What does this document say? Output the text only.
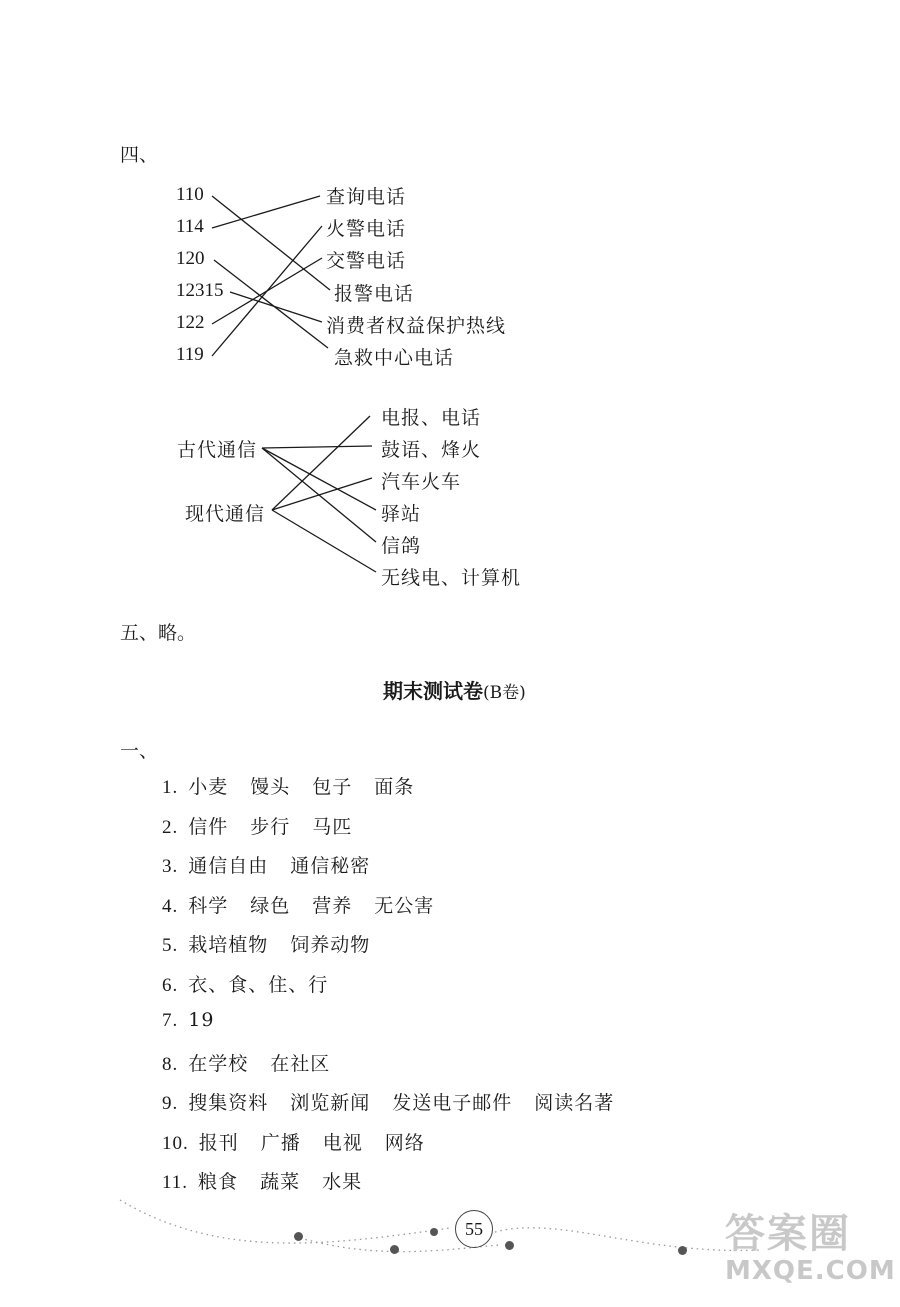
四、
110
114
120
12315
122
119
查询电话
火警电话
交警电话
报警电话
消费者权益保护热线
急救中心电话
古代通信
现代通信
电报、电话
鼓语、烽火
汽车火车
驿站
信鸽
无线电、计算机
五、略。
期末测试卷(B卷)
一、
1. 小麦 馒头 包子 面条
2. 信件 步行 马匹
3. 通信自由 通信秘密
4. 科学 绿色 营养 无公害
5. 栽培植物 饲养动物
6. 衣、食、住、行
7. 19
8. 在学校 在社区
9. 搜集资料 浏览新闻 发送电子邮件 阅读名著
10. 报刊 广播 电视 网络
11. 粮食 蔬菜 水果
55	答案圈
MXQE.COM
